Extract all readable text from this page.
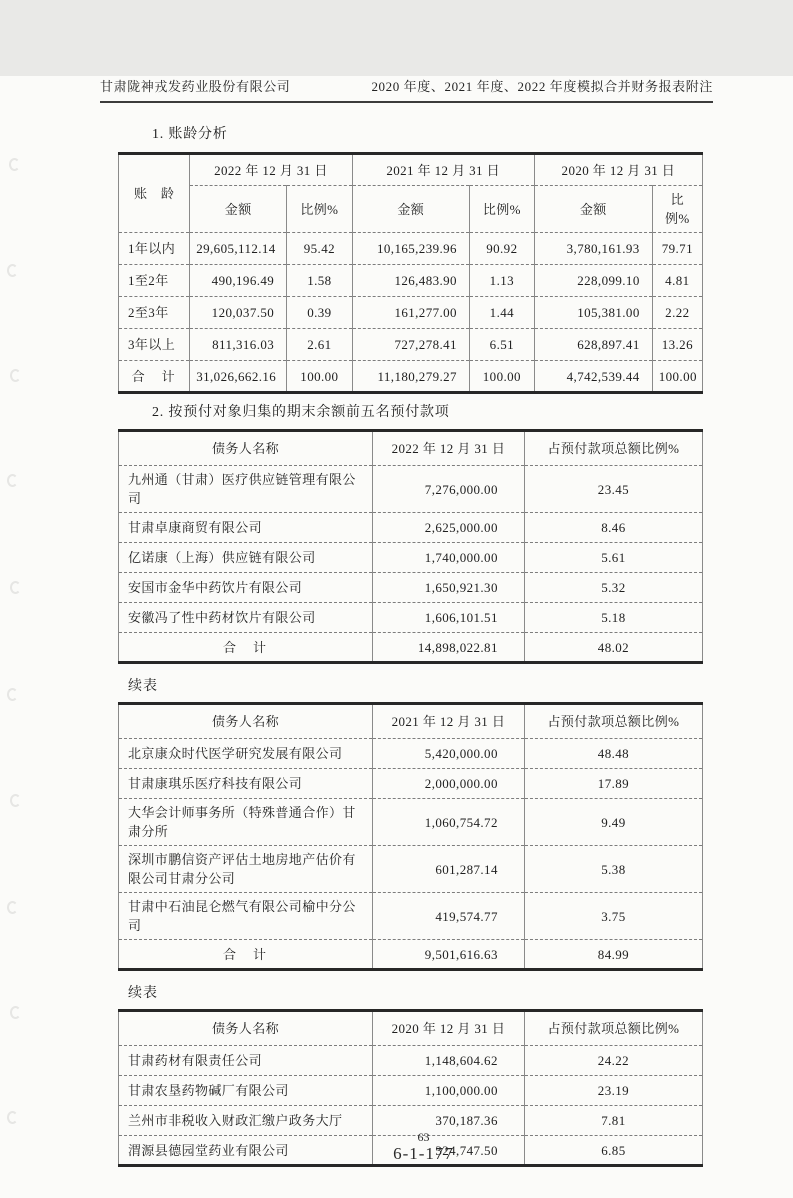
甘肃陇神戎发药业股份有限公司	2020 年度、2021 年度、2022 年度模拟合并财务报表附注
1. 账龄分析
账　龄	2022 年 12 月 31 日		2021 年 12 月 31 日		2020 年 12 月 31 日	
	金额	比例%	金额	比例%	金额	比例%
1年以内	29,605,112.14	95.42	10,165,239.96	90.92	3,780,161.93	79.71
1至2年	490,196.49	1.58	126,483.90	1.13	228,099.10	4.81
2至3年	120,037.50	0.39	161,277.00	1.44	105,381.00	2.22
3年以上	811,316.03	2.61	727,278.41	6.51	628,897.41	13.26
合　计	31,026,662.16	100.00	11,180,279.27	100.00	4,742,539.44	100.00
2. 按预付对象归集的期末余额前五名预付款项
债务人名称	2022 年 12 月 31 日	占预付款项总额比例%
九州通（甘肃）医疗供应链管理有限公司	7,276,000.00	23.45
甘肃卓康商贸有限公司	2,625,000.00	8.46
亿诺康（上海）供应链有限公司	1,740,000.00	5.61
安国市金华中药饮片有限公司	1,650,921.30	5.32
安徽冯了性中药材饮片有限公司	1,606,101.51	5.18
合　计	14,898,022.81	48.02
续表
债务人名称	2021 年 12 月 31 日	占预付款项总额比例%
北京康众时代医学研究发展有限公司	5,420,000.00	48.48
甘肃康琪乐医疗科技有限公司	2,000,000.00	17.89
大华会计师事务所（特殊普通合作）甘肃分所	1,060,754.72	9.49
深圳市鹏信资产评估土地房地产估价有限公司甘肃分公司	601,287.14	5.38
甘肃中石油昆仑燃气有限公司榆中分公司	419,574.77	3.75
合　计	9,501,616.63	84.99
续表
债务人名称	2020 年 12 月 31 日	占预付款项总额比例%
甘肃药材有限责任公司	1,148,604.62	24.22
甘肃农垦药物碱厂有限公司	1,100,000.00	23.19
兰州市非税收入财政汇缴户政务大厅	370,187.36	7.81
渭源县德园堂药业有限公司	324,747.50	6.85
63
6-1-177
